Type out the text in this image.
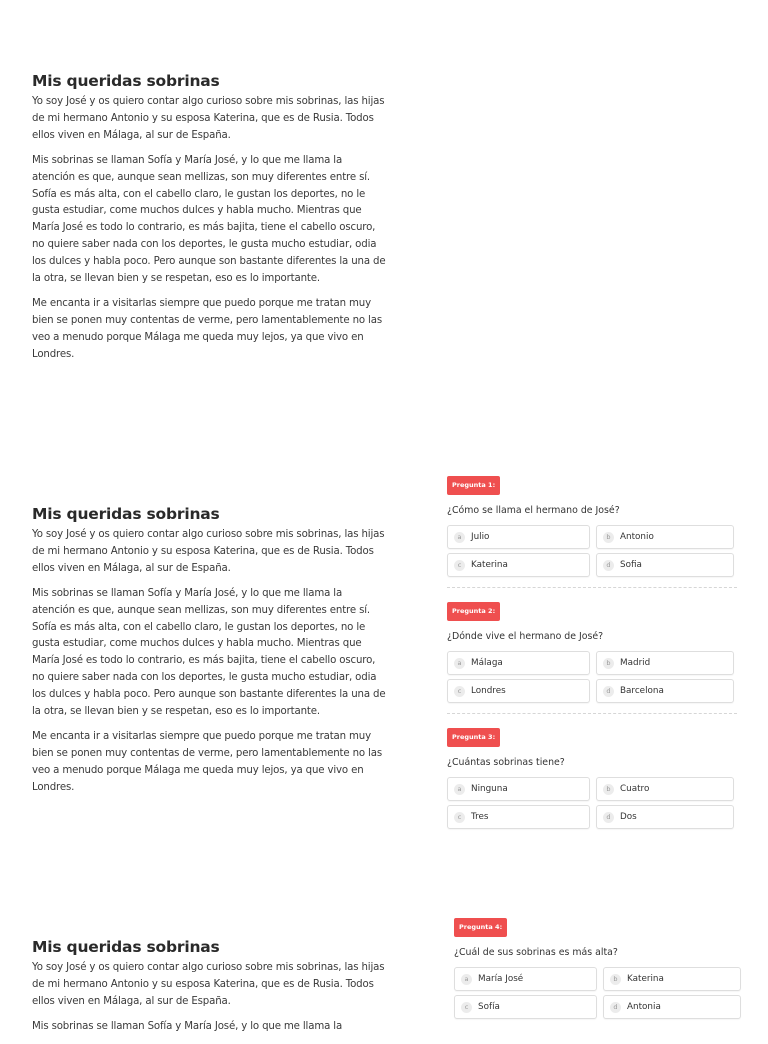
Mis queridas sobrinas

Yo soy José y os quiero contar algo curioso sobre mis sobrinas, las hijas de mi hermano Antonio y su esposa Katerina, que es de Rusia. Todos ellos viven en Málaga, al sur de España.

Mis sobrinas se llaman Sofía y María José, y lo que me llama la atención es que, aunque sean mellizas, son muy diferentes entre sí. Sofía es más alta, con el cabello claro, le gustan los deportes, no le gusta estudiar, come muchos dulces y habla mucho. Mientras que María José es todo lo contrario, es más bajita, tiene el cabello oscuro, no quiere saber nada con los deportes, le gusta mucho estudiar, odia los dulces y habla poco. Pero aunque son bastante diferentes la una de la otra, se llevan bien y se respetan, eso es lo importante.

Me encanta ir a visitarlas siempre que puedo porque me tratan muy bien se ponen muy contentas de verme, pero lamentablemente no las veo a menudo porque Málaga me queda muy lejos, ya que vivo en Londres.

Mis queridas sobrinas

Yo soy José y os quiero contar algo curioso sobre mis sobrinas, las hijas de mi hermano Antonio y su esposa Katerina, que es de Rusia. Todos ellos viven en Málaga, al sur de España.

Mis sobrinas se llaman Sofía y María José, y lo que me llama la atención es que, aunque sean mellizas, son muy diferentes entre sí. Sofía es más alta, con el cabello claro, le gustan los deportes, no le gusta estudiar, come muchos dulces y habla mucho. Mientras que María José es todo lo contrario, es más bajita, tiene el cabello oscuro, no quiere saber nada con los deportes, le gusta mucho estudiar, odia los dulces y habla poco. Pero aunque son bastante diferentes la una de la otra, se llevan bien y se respetan, eso es lo importante.

Me encanta ir a visitarlas siempre que puedo porque me tratan muy bien se ponen muy contentas de verme, pero lamentablemente no las veo a menudo porque Málaga me queda muy lejos, ya que vivo en Londres.

Pregunta 1:
¿Cómo se llama el hermano de José?
a	Julio	b	Antonio
c	Katerina	d	Sofia
Pregunta 2:
¿Dónde vive el hermano de José?
a	Málaga	b	Madrid
c	Londres	d	Barcelona
Pregunta 3:
¿Cuántas sobrinas tiene?
a	Ninguna	b	Cuatro
c	Tres	d	Dos
Mis queridas sobrinas

Yo soy José y os quiero contar algo curioso sobre mis sobrinas, las hijas de mi hermano Antonio y su esposa Katerina, que es de Rusia. Todos ellos viven en Málaga, al sur de España.

Mis sobrinas se llaman Sofía y María José, y lo que me llama la

Pregunta 4:
¿Cuál de sus sobrinas es más alta?
a	María José	b	Katerina
c	Sofía	d	Antonia
